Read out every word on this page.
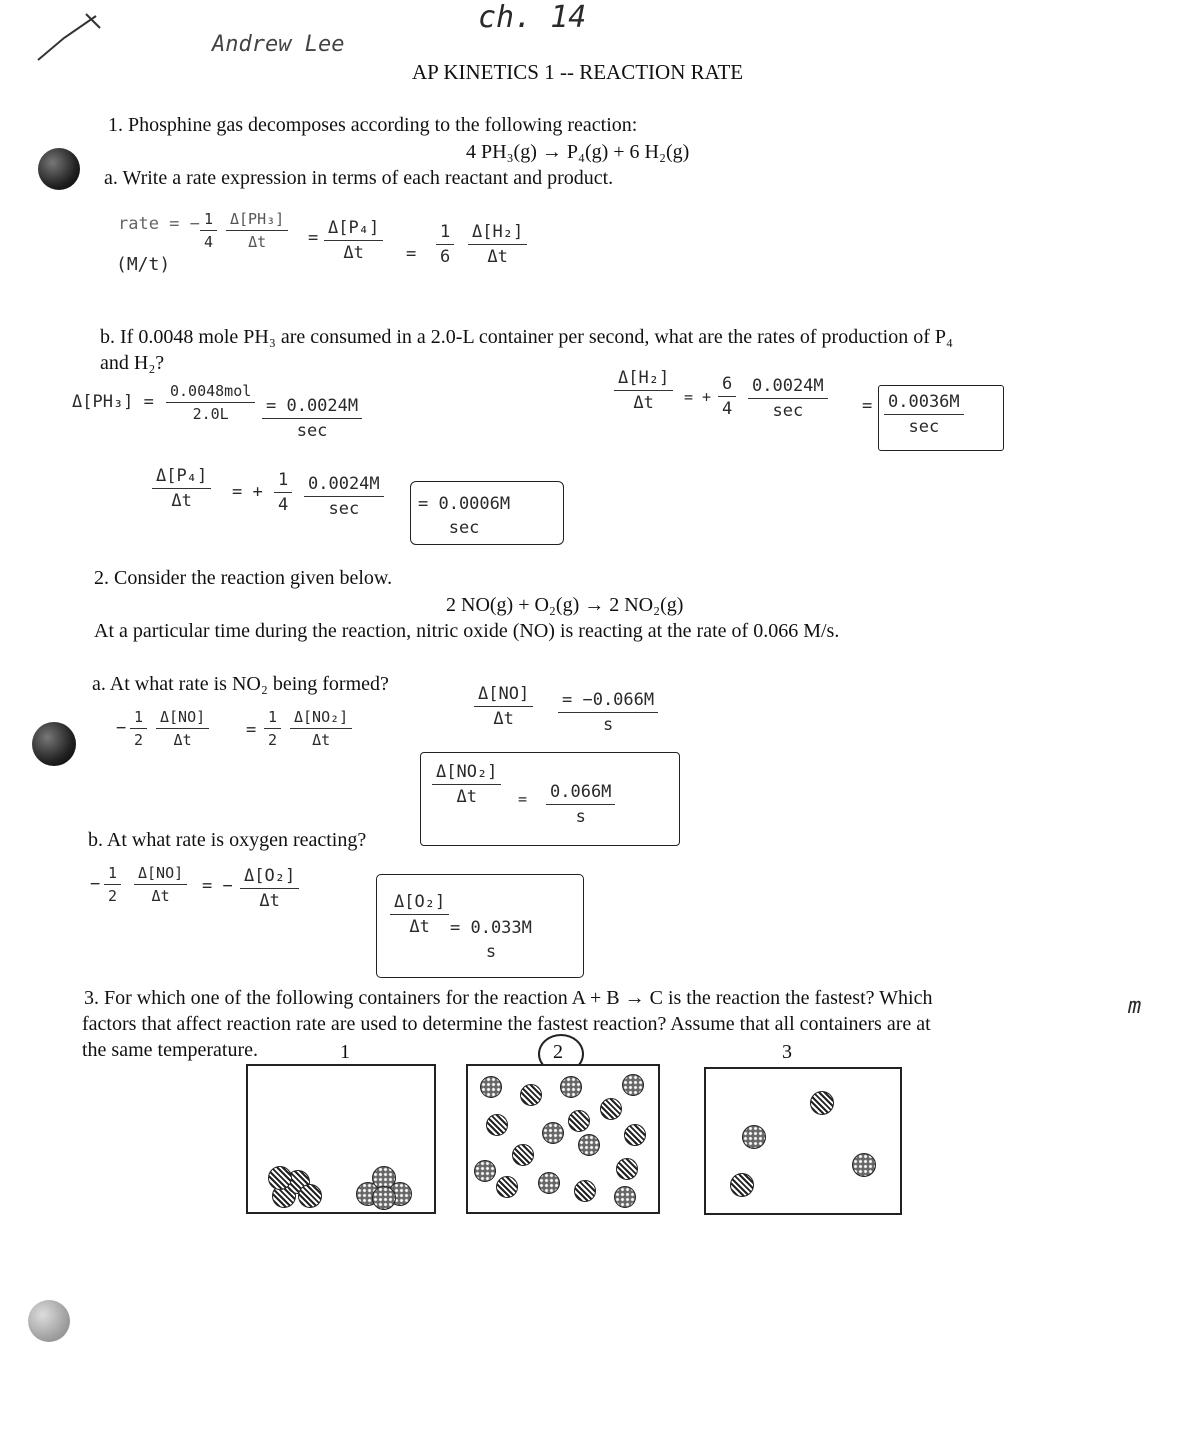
ch. 14
Andrew Lee
AP KINETICS 1 -- REACTION RATE
1. Phosphine gas decomposes according to the following reaction:
4 PH₃(g) → P₄(g) + 6 H₂(g)
a. Write a rate expression in terms of each reactant and product.
rate = − $\frac{1}{4} \frac{\text{Δ[PH₃]}}{\Delta t} = \frac{\text{Δ[P₄]}}{\Delta t} = \frac{1}{6} \frac{\text{Δ[H₂]}}{\Delta t}$
(M/t)
b. If 0.0048 mole PH₃ are consumed in a 2.0-L container per second, what are the rates of production of P₄
and H₂?
Δ[PH₃] =
0.0048mol
2.0L	= 0.0024M
sec
$\frac{\text{Δ[P₄]}}{\Delta t}$ = + $\frac{1}{4} 0.0024M$
sec	= 0.0006M
sec
$\frac{\text{Δ[H₂]}}{\Delta t}$ = + $\frac{6}{4} 0.0024M$
sec	= 0.0036M
sec
2. Consider the reaction given below.
2 NO(g) + O₂(g) → 2 NO₂(g)
At a particular time during the reaction, nitric oxide (NO) is reacting at the rate of 0.066 M/s.
a. At what rate is NO₂ being formed?
− $\frac{1}{2} \frac{\Delta[NO]}{\Delta t} = \frac{1}{2} \frac{\text{Δ[NO₂]}}{\Delta t}$	$\frac{\Delta[NO]}{\Delta t} \frac{= -0.066M}{s}$
$\frac{\text{Δ[NO₂]}}{\Delta t} = \frac{0.066M}{s}$
b. At what rate is oxygen reacting?
− $\frac{1}{2} \frac{\Delta[NO]}{\Delta t}$ = − $\frac{\text{Δ[O₂]}}{\Delta t}$
$\frac{\text{Δ[O₂]}}{\Delta t} = 0.033M$
s
3. For which one of the following containers for the reaction A + B → C is the reaction the fastest? Which
factors that affect reaction rate are used to determine the fastest reaction? Assume that all containers are at
the same temperature.
m
1	2	3
